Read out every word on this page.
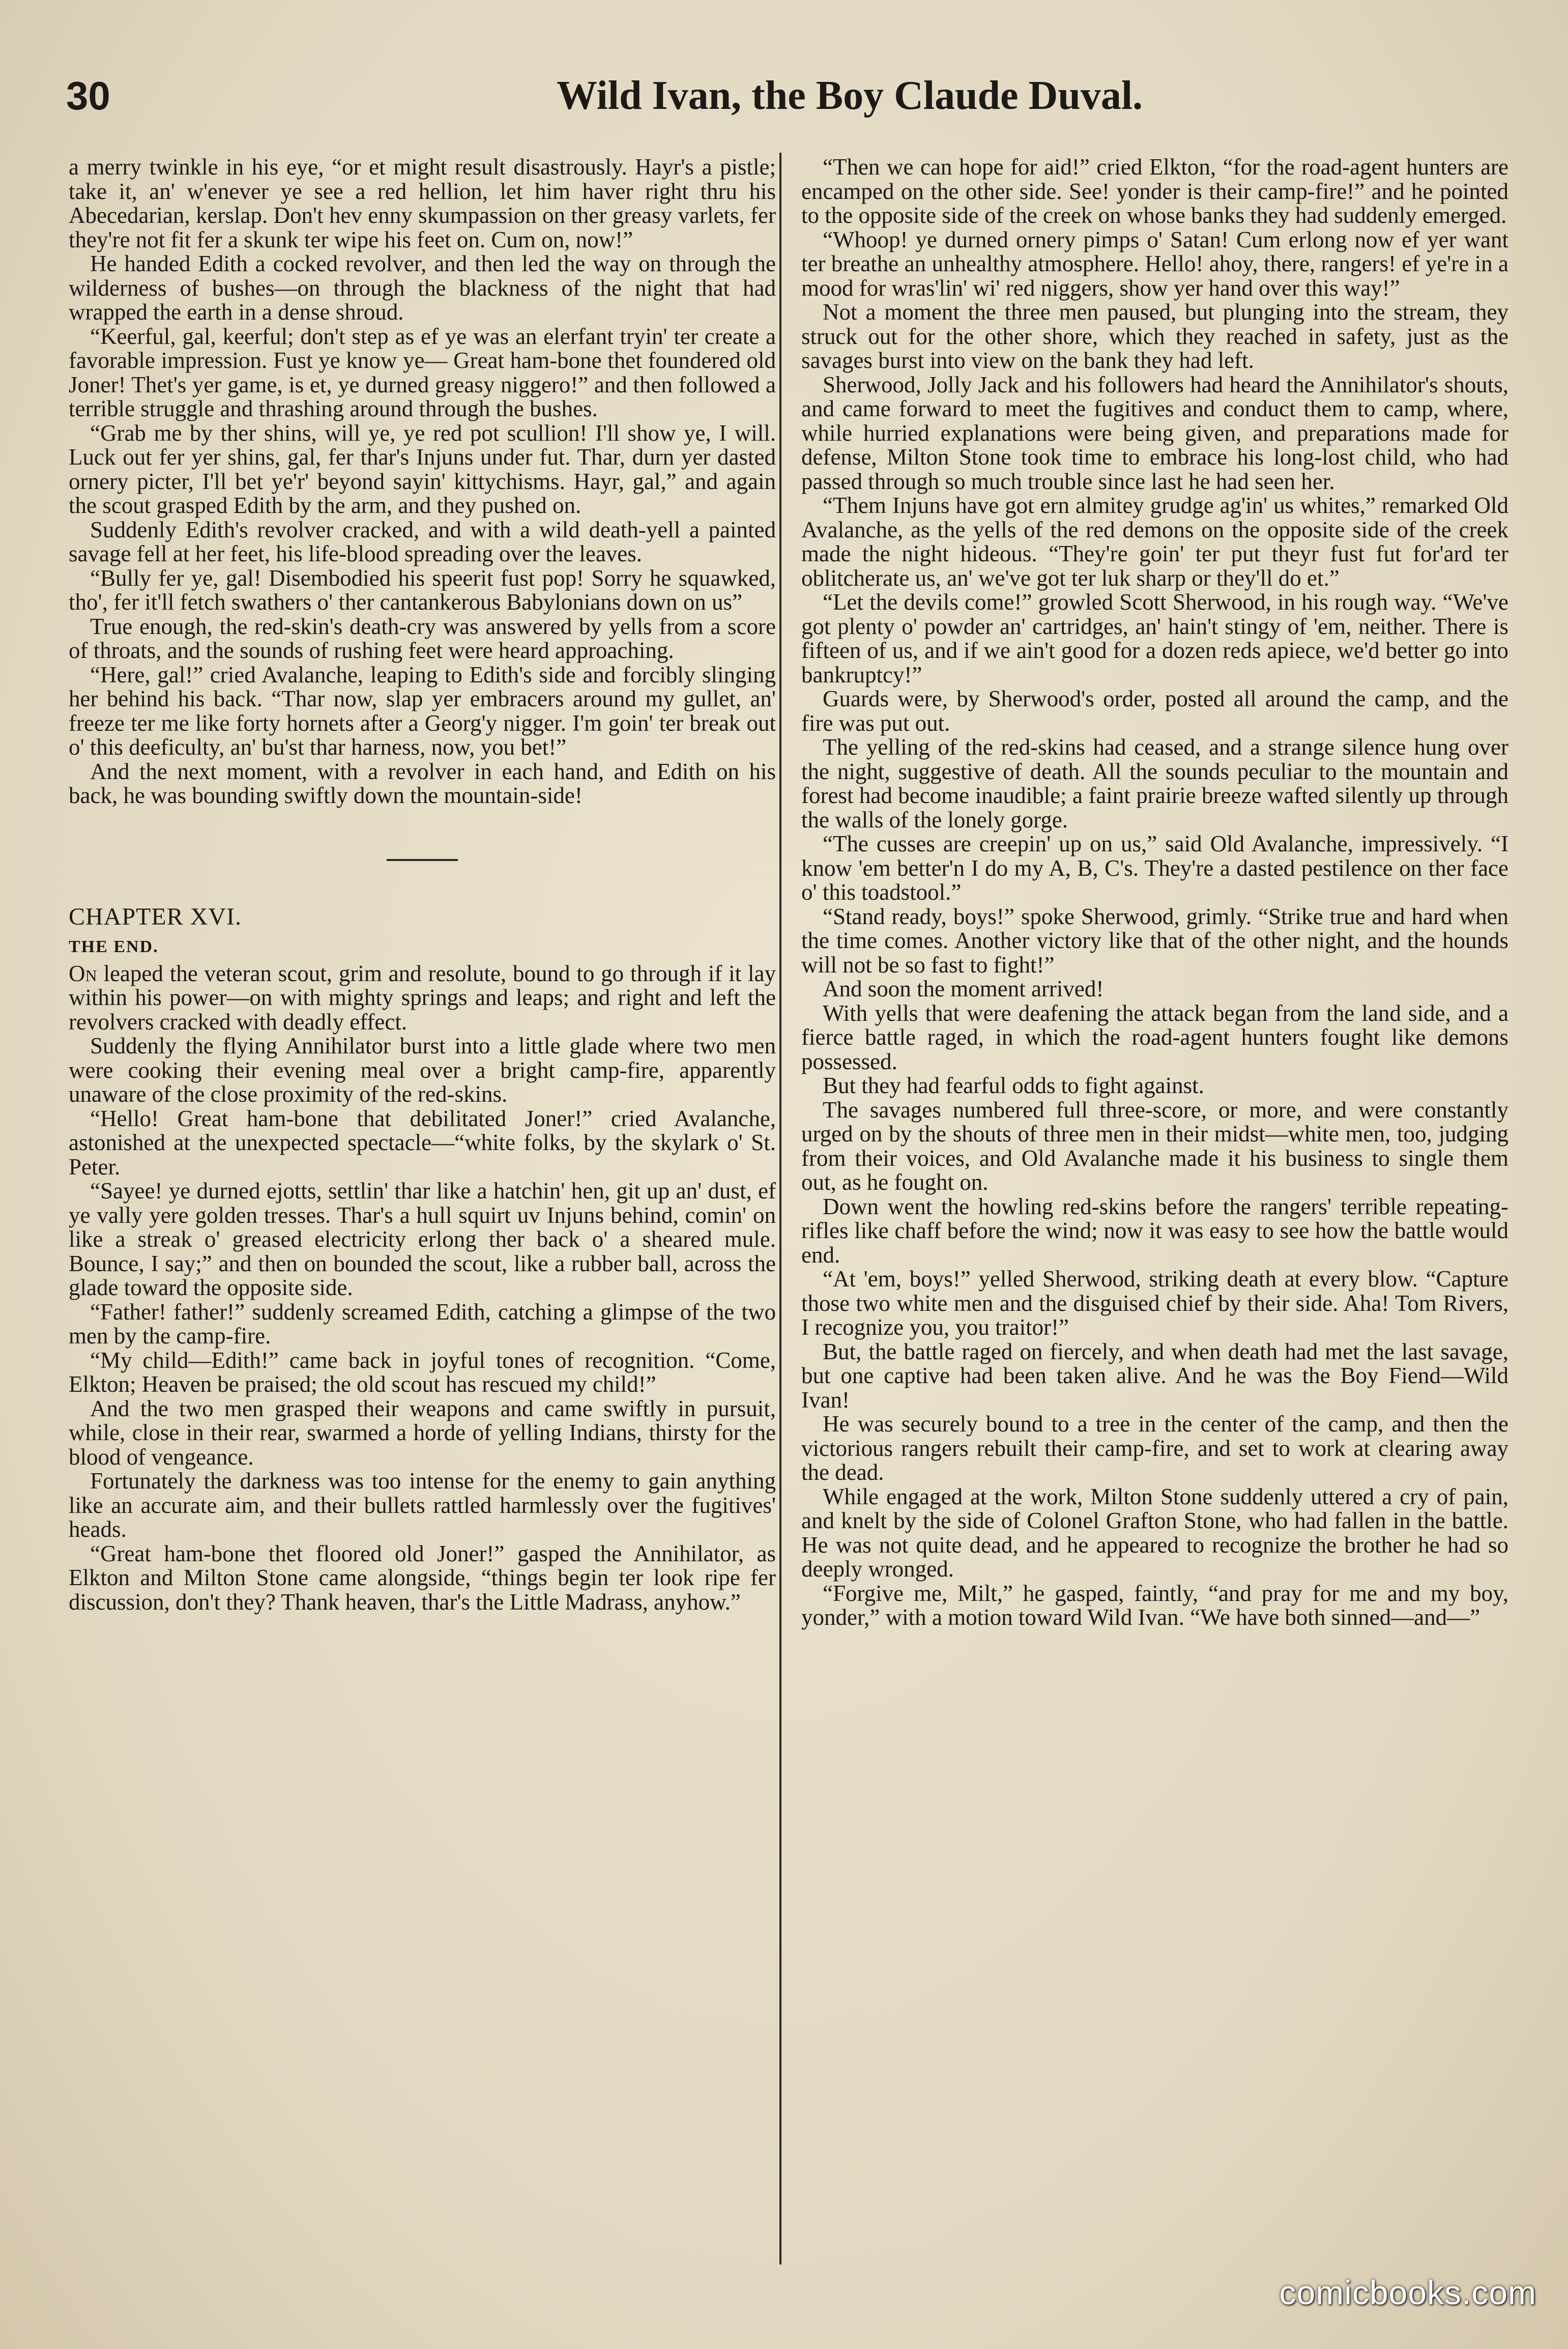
30	Wild Ivan, the Boy Claude Duval.

a merry twinkle in his eye, “or et might result disastrously. Hayr's a pistle; take it, an' w'enever ye see a red hellion, let him haver right thru his Abecedarian, kerslap. Don't hev enny skumpassion on ther greasy varlets, fer they're not fit fer a skunk ter wipe his feet on. Cum on, now!”

He handed Edith a cocked revolver, and then led the way on through the wilderness of bushes—on through the blackness of the night that had wrapped the earth in a dense shroud.

“Keerful, gal, keerful; don't step as ef ye was an elerfant tryin' ter create a favorable impression. Fust ye know ye— Great ham-bone thet foundered old Joner! Thet's yer game, is et, ye durned greasy niggero!” and then followed a terrible struggle and thrashing around through the bushes.

“Grab me by ther shins, will ye, ye red pot scullion! I'll show ye, I will. Luck out fer yer shins, gal, fer thar's Injuns under fut. Thar, durn yer dasted ornery picter, I'll bet ye'r' beyond sayin' kittychisms. Hayr, gal,” and again the scout grasped Edith by the arm, and they pushed on.

Suddenly Edith's revolver cracked, and with a wild death-yell a painted savage fell at her feet, his life-blood spreading over the leaves.

“Bully fer ye, gal! Disembodied his speerit fust pop! Sorry he squawked, tho', fer it'll fetch swathers o' ther cantankerous Babylonians down on us”

True enough, the red-skin's death-cry was answered by yells from a score of throats, and the sounds of rushing feet were heard approaching.

“Here, gal!” cried Avalanche, leaping to Edith's side and forcibly slinging her behind his back. “Thar now, slap yer embracers around my gullet, an' freeze ter me like forty hornets after a Georg'y nigger. I'm goin' ter break out o' this deeficulty, an' bu'st thar harness, now, you bet!”

And the next moment, with a revolver in each hand, and Edith on his back, he was bounding swiftly down the mountain-side!

CHAPTER XVI.

THE END.

On leaped the veteran scout, grim and resolute, bound to go through if it lay within his power—on with mighty springs and leaps; and right and left the revolvers cracked with deadly effect.

Suddenly the flying Annihilator burst into a little glade where two men were cooking their evening meal over a bright camp-fire, apparently unaware of the close proximity of the red-skins.

“Hello! Great ham-bone that debilitated Joner!” cried Avalanche, astonished at the unexpected spectacle—“white folks, by the skylark o' St. Peter.

“Sayee! ye durned ejotts, settlin' thar like a hatchin' hen, git up an' dust, ef ye vally yere golden tresses. Thar's a hull squirt uv Injuns behind, comin' on like a streak o' greased electricity erlong ther back o' a sheared mule. Bounce, I say;” and then on bounded the scout, like a rubber ball, across the glade toward the opposite side.

“Father! father!” suddenly screamed Edith, catching a glimpse of the two men by the camp-fire.

“My child—Edith!” came back in joyful tones of recognition. “Come, Elkton; Heaven be praised; the old scout has rescued my child!”

And the two men grasped their weapons and came swiftly in pursuit, while, close in their rear, swarmed a horde of yelling Indians, thirsty for the blood of vengeance.

Fortunately the darkness was too intense for the enemy to gain anything like an accurate aim, and their bullets rattled harmlessly over the fugitives' heads.

“Great ham-bone thet floored old Joner!” gasped the Annihilator, as Elkton and Milton Stone came alongside, “things begin ter look ripe fer discussion, don't they? Thank heaven, thar's the Little Madrass, anyhow.”

“Then we can hope for aid!” cried Elkton, “for the road-agent hunters are encamped on the other side. See! yonder is their camp-fire!” and he pointed to the opposite side of the creek on whose banks they had suddenly emerged.

“Whoop! ye durned ornery pimps o' Satan! Cum erlong now ef yer want ter breathe an unhealthy atmosphere. Hello! ahoy, there, rangers! ef ye're in a mood for wras'lin' wi' red niggers, show yer hand over this way!”

Not a moment the three men paused, but plunging into the stream, they struck out for the other shore, which they reached in safety, just as the savages burst into view on the bank they had left.

Sherwood, Jolly Jack and his followers had heard the Annihilator's shouts, and came forward to meet the fugitives and conduct them to camp, where, while hurried explanations were being given, and preparations made for defense, Milton Stone took time to embrace his long-lost child, who had passed through so much trouble since last he had seen her.

“Them Injuns have got ern almitey grudge ag'in' us whites,” remarked Old Avalanche, as the yells of the red demons on the opposite side of the creek made the night hideous. “They're goin' ter put theyr fust fut for'ard ter oblitcherate us, an' we've got ter luk sharp or they'll do et.”

“Let the devils come!” growled Scott Sherwood, in his rough way. “We've got plenty o' powder an' cartridges, an' hain't stingy of 'em, neither. There is fifteen of us, and if we ain't good for a dozen reds apiece, we'd better go into bankruptcy!”

Guards were, by Sherwood's order, posted all around the camp, and the fire was put out.

The yelling of the red-skins had ceased, and a strange silence hung over the night, suggestive of death. All the sounds peculiar to the mountain and forest had become inaudible; a faint prairie breeze wafted silently up through the walls of the lonely gorge.

“The cusses are creepin' up on us,” said Old Avalanche, impressively. “I know 'em better'n I do my A, B, C's. They're a dasted pestilence on ther face o' this toadstool.”

“Stand ready, boys!” spoke Sherwood, grimly. “Strike true and hard when the time comes. Another victory like that of the other night, and the hounds will not be so fast to fight!”

And soon the moment arrived!

With yells that were deafening the attack began from the land side, and a fierce battle raged, in which the road-agent hunters fought like demons possessed.

But they had fearful odds to fight against.

The savages numbered full three-score, or more, and were constantly urged on by the shouts of three men in their midst—white men, too, judging from their voices, and Old Avalanche made it his business to single them out, as he fought on.

Down went the howling red-skins before the rangers' terrible repeating-rifles like chaff before the wind; now it was easy to see how the battle would end.

“At 'em, boys!” yelled Sherwood, striking death at every blow. “Capture those two white men and the disguised chief by their side. Aha! Tom Rivers, I recognize you, you traitor!”

But, the battle raged on fiercely, and when death had met the last savage, but one captive had been taken alive. And he was the Boy Fiend—Wild Ivan!

He was securely bound to a tree in the center of the camp, and then the victorious rangers rebuilt their camp-fire, and set to work at clearing away the dead.

While engaged at the work, Milton Stone suddenly uttered a cry of pain, and knelt by the side of Colonel Grafton Stone, who had fallen in the battle. He was not quite dead, and he appeared to recognize the brother he had so deeply wronged.

“Forgive me, Milt,” he gasped, faintly, “and pray for me and my boy, yonder,” with a motion toward Wild Ivan. “We have both sinned—and—”

comicbooks.com
